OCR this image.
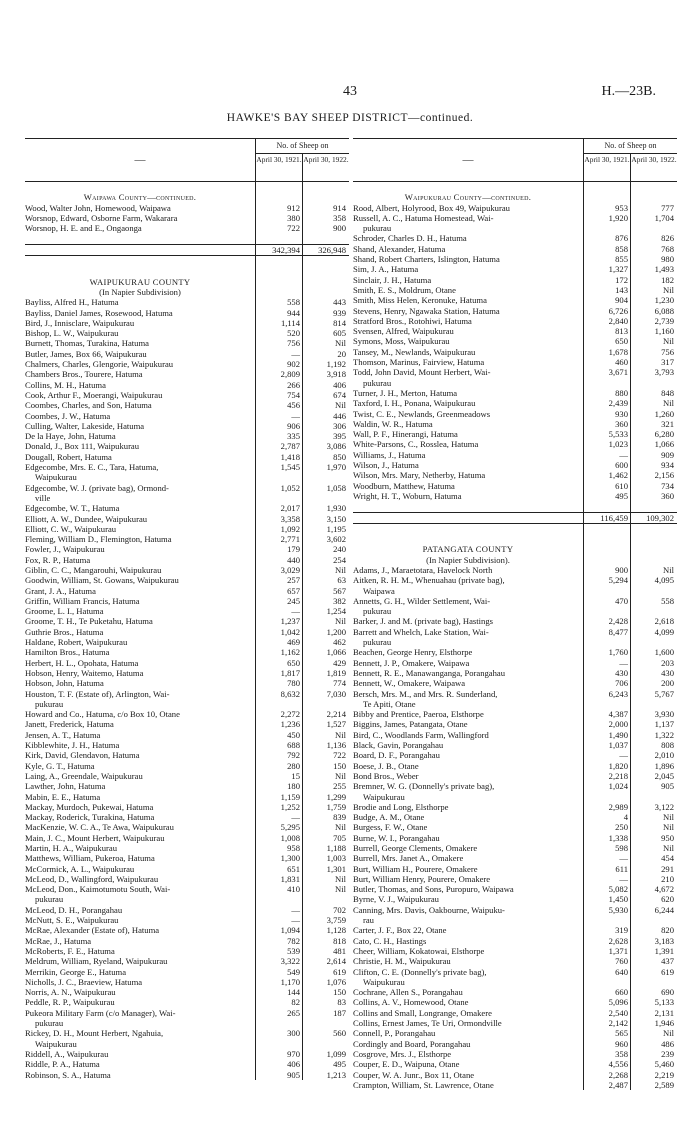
43	H.—23B.
HAWKE'S BAY SHEEP DISTRICT—continued.
—
No. of Sheep on
April 30, 1921. April 30, 1922.
Waipawa County—continued.
Wood, Walter John, Homewood, Waipawa	912	914
Worsnop, Edward, Osborne Farm, Wakarara	380	358
Worsnop, H. E. and E., Ongaonga	722	900
342,394	326,948
WAIPUKURAU COUNTY
(In Napier Subdivision)
Bayliss, Alfred H., Hatuma	558	443
Bayliss, Daniel James, Rosewood, Hatuma	944	939
Bird, J., Innisclare, Waipukurau	1,114	814
Bishop, L. W., Waipukurau	520	605
Burnett, Thomas, Turakina, Hatuma	756	Nil
Butler, James, Box 66, Waipukurau	—	20
Chalmers, Charles, Glengorie, Waipukurau	902	1,192
Chambers Bros., Tourere, Hatuma	2,809	3,918
Collins, M. H., Hatuma	266	406
Cook, Arthur F., Moerangi, Waipukurau	754	674
Coombes, Charles, and Son, Hatuma	456	Nil
Coombes, J. W., Hatuma	—	446
Culling, Walter, Lakeside, Hatuma	906	306
De la Haye, John, Hatuma	335	395
Donald, J., Box 111, Waipukurau	2,787	3,086
Dougall, Robert, Hatuma	1,418	850
Edgecombe, Mrs. E. C., Tara, Hatuma,	1,545	1,970
Waipukurau
Edgecombe, W. J. (private bag), Ormond-	1,052	1,058
ville
Edgecombe, W. T., Hatuma	2,017	1,930
Elliott, A. W., Dundee, Waipukurau	3,358	3,150
Elliott, C. W., Waipukurau	1,092	1,195
Fleming, William D., Flemington, Hatuma	2,771	3,602
Fowler, J., Waipukurau	179	240
Fox, R. P., Hatuma	440	254
Giblin, C. C., Mangarouhi, Waipukurau	3,029	Nil
Goodwin, William, St. Gowans, Waipukurau	257	63
Grant, J. A., Hatuma	657	567
Griffin, William Francis, Hatuma	245	382
Groome, L. I., Hatuma	—	1,254
Groome, T. H., Te Puketahu, Hatuma	1,237	Nil
Guthrie Bros., Hatuma	1,042	1,200
Haldane, Robert, Waipukurau	469	462
Hamilton Bros., Hatuma	1,162	1,066
Herbert, H. L., Opohata, Hatuma	650	429
Hobson, Henry, Waitemo, Hatuma	1,817	1,819
Hobson, John, Hatuma	780	774
Houston, T. F. (Estate of), Arlington, Wai-	8,632	7,030
pukurau
Howard and Co., Hatuma, c/o Box 10, Otane	2,272	2,214
Janett, Frederick, Hatuma	1,236	1,527
Jensen, A. T., Hatuma	450	Nil
Kibblewhite, J. H., Hatuma	688	1,136
Kirk, David, Glendavon, Hatuma	792	722
Kyle, G. T., Hatuma	280	150
Laing, A., Greendale, Waipukurau	15	Nil
Lawther, John, Hatuma	180	255
Mabin, E. E., Hatuma	1,159	1,299
Mackay, Murdoch, Pukewai, Hatuma	1,252	1,759
Mackay, Roderick, Turakina, Hatuma	—	839
MacKenzie, W. C. A., Te Awa, Waipukurau	5,295	Nil
Main, J. C., Mount Herbert, Waipukurau	1,008	705
Martin, H. A., Waipukurau	958	1,188
Matthews, William, Pukeroa, Hatuma	1,300	1,003
McCormick, A. L., Waipukurau	651	1,301
McLeod, D., Wallingford, Waipukurau	1,831	Nil
McLeod, Don., Kaimotumotu South, Wai-	410	Nil
pukurau
McLeod, D. H., Porangahau	—	702
McNutt, S. E., Waipukurau	—	3,759
McRae, Alexander (Estate of), Hatuma	1,094	1,128
McRae, J., Hatuma	782	818
McRoberts, F. E., Hatuma	539	481
Meldrum, William, Ryeland, Waipukurau	3,322	2,614
Merrikin, George E., Hatuma	549	619
Nicholls, J. C., Braeview, Hatuma	1,170	1,076
Norris, A. N., Waipukurau	144	150
Peddle, R. P., Waipukurau	82	83
Pukeora Military Farm (c/o Manager), Wai-	265	187
pukurau
Rickey, D. H., Mount Herbert, Ngahuia,	300	560
Waipukurau
Riddell, A., Waipukurau	970	1,099
Riddle, P. A., Hatuma	406	495
Robinson, S. A., Hatuma	905	1,213
—
No. of Sheep on
April 30, 1921. April 30, 1922.
Waipukurau County—continued.
Rood, Albert, Holyrood, Box 49, Waipukurau	953	777
Russell, A. C., Hatuma Homestead, Wai-	1,920	1,704
pukurau
Schroder, Charles D. H., Hatuma	876	826
Shand, Alexander, Hatuma	858	768
Shand, Robert Charters, Islington, Hatuma	855	980
Sim, J. A., Hatuma	1,327	1,493
Sinclair, J. H., Hatuma	172	182
Smith, E. S., Moldrum, Otane	143	Nil
Smith, Miss Helen, Keronuke, Hatuma	904	1,230
Stevens, Henry, Ngawaka Station, Hatuma	6,726	6,088
Stratford Bros., Rotohiwi, Hatuma	2,840	2,739
Svensen, Alfred, Waipukurau	813	1,160
Symons, Moss, Waipukurau	650	Nil
Tansey, M., Newlands, Waipukurau	1,678	756
Thomson, Marinus, Fairview, Hatuma	460	317
Todd, John David, Mount Herbert, Wai-	3,671	3,793
pukurau
Turner, J. H., Merton, Hatuma	880	848
Taxford, I. H., Ponana, Waipukurau	2,439	Nil
Twist, C. E., Newlands, Greenmeadows	930	1,260
Waldin, W. R., Hatuma	360	321
Wall, P. F., Hinerangi, Hatuma	5,533	6,280
White-Parsons, C., Rosslea, Hatuma	1,023	1,066
Williams, J., Hatuma	—	909
Wilson, J., Hatuma	600	934
Wilson, Mrs. Mary, Netherby, Hatuma	1,462	2,156
Woodburn, Matthew, Hatuma	610	734
Wright, H. T., Woburn, Hatuma	495	360
116,459	109,302
PATANGATA COUNTY
(In Napier Subdivision).
Adams, J., Maraetotara, Havelock North	900	Nil
Aitken, R. H. M., Whenuahau (private bag),	5,294	4,095
Waipawa
Annetts, G. H., Wilder Settlement, Wai-	470	558
pukurau
Barker, J. and M. (private bag), Hastings	2,428	2,618
Barrett and Whelch, Lake Station, Wai-	8,477	4,099
pukurau
Beachen, George Henry, Elsthorpe	1,760	1,600
Bennett, J. P., Omakere, Waipawa	—	203
Bennett, R. E., Manawanganga, Porangahau	430	430
Bennett, W., Omakere, Waipawa	706	200
Bersch, Mrs. M., and Mrs. R. Sunderland,	6,243	5,767
Te Apiti, Otane
Bibby and Prentice, Paeroa, Elsthorpe	4,387	3,930
Biggins, James, Patangata, Otane	2,000	1,137
Bird, C., Woodlands Farm, Wallingford	1,490	1,322
Black, Gavin, Porangahau	1,037	808
Board, D. F., Porangahau	—	2,010
Boese, J. B., Otane	1,820	1,896
Bond Bros., Weber	2,218	2,045
Bremner, W. G. (Donnelly's private bag),	1,024	905
Waipukurau
Brodie and Long, Elsthorpe	2,989	3,122
Budge, A. M., Otane	4	Nil
Burgess, F. W., Otane	250	Nil
Burne, W. I., Porangahau	1,338	950
Burrell, George Clements, Omakere	598	Nil
Burrell, Mrs. Janet A., Omakere	—	454
Burt, William H., Pourere, Omakere	611	291
Burt, William Henry, Pourere, Omakere	—	210
Butler, Thomas, and Sons, Puropuro, Waipawa	5,082	4,672
Byrne, V. J., Waipukurau	1,450	620
Canning, Mrs. Davis, Oakbourne, Waipuku-	5,930	6,244
rau
Carter, J. F., Box 22, Otane	319	820
Cato, C. H., Hastings	2,628	3,183
Cheer, William, Kokatowai, Elsthorpe	1,371	1,391
Christie, H. M., Waipukurau	760	437
Clifton, C. E. (Donnelly's private bag),	640	619
Waipukurau
Cochrane, Allen S., Porangahau	660	690
Collins, A. V., Homewood, Otane	5,096	5,133
Collins and Small, Longrange, Omakere	2,540	2,131
Collins, Ernest James, Te Uri, Ormondville	2,142	1,946
Connell, P., Porangahau	565	Nil
Cordingly and Board, Porangahau	960	486
Cosgrove, Mrs. J., Elsthorpe	358	239
Couper, E. D., Waipuna, Otane	4,556	5,460
Couper, W. A. Junr., Box 11, Otane	2,268	2,219
Crampton, William, St. Lawrence, Otane	2,487	2,589
